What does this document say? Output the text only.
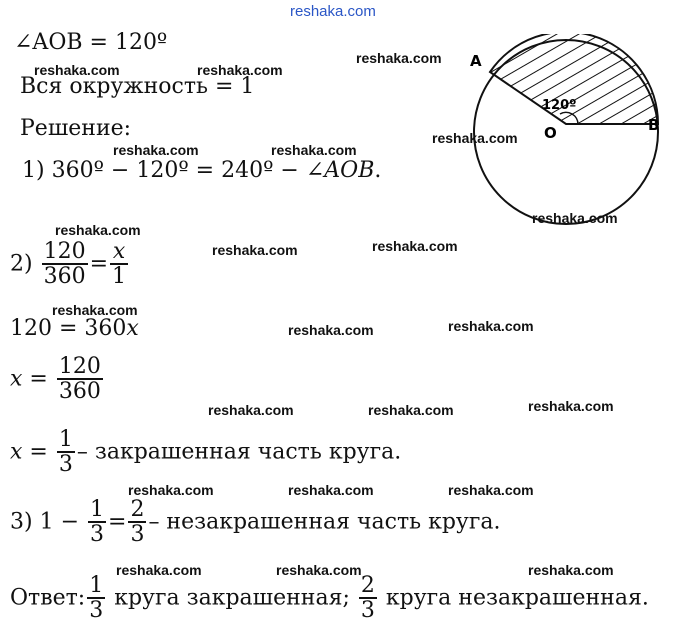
reshaka.com
reshaka.com
reshaka.com	reshaka.com
reshaka.com	reshaka.com
reshaka.com
reshaka.com
reshaka.com
reshaka.com	reshaka.com
reshaka.com
reshaka.com	reshaka.com
reshaka.com	reshaka.com	reshaka.com
reshaka.com	reshaka.com	reshaka.com
reshaka.com	reshaka.com	reshaka.com
∠AOB = 120º
Вся окружность = 1
Решение:
1) 360º − 120º = 240º − ∠AOB.
$2) \frac{120}{360} = \frac{x}{1}$
120 = 360x
$x = \frac{120}{360}$
$x = \frac{1}{3}$ – закрашенная часть круга.
3) $1 - \frac{1}{3} = \frac{2}{3}$ – незакрашенная часть круга.
Ответ: $\frac{1}{3}$ круга закрашенная; $\frac{2}{3}$ круга незакрашенная.
120º
A
O	B
